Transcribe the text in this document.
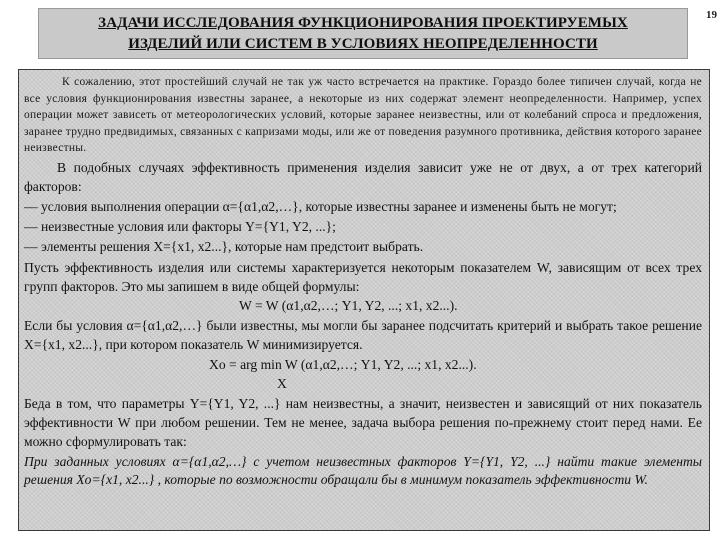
19
ЗАДАЧИ ИССЛЕДОВАНИЯ ФУНКЦИОНИРОВАНИЯ ПРОЕКТИРУЕМЫХ
ИЗДЕЛИЙ ИЛИ СИСТЕМ В УСЛОВИЯХ НЕОПРЕДЕЛЕННОСТИ

К сожалению, этот простейший случай не так уж часто встречается на практике. Гораздо более типичен случай, когда не все условия функционирования известны заранее, а некоторые из них содержат элемент неопределенности. Например, успех операции может зависеть от метеорологических условий, которые заранее неизвестны, или от колебаний спроса и предложения, заранее трудно предвидимых, связанных с капризами моды, или же от поведения разумного противника, действия которого заранее неизвестны.

В подобных случаях эффективность применения изделия зависит уже не от двух, а от трех категорий факторов:

— условия выполнения операции α={α1,α2,…}, которые известны заранее и изменены быть не могут;

— неизвестные условия или факторы Y={Y1, Y2, ...};

— элементы решения X={x1, x2...}, которые нам предстоит выбрать.

Пусть эффективность изделия или системы характеризуется некоторым показателем W, зависящим от всех трех групп факторов. Это мы запишем в виде общей формулы:

W = W (α1,α2,…; Y1, Y2, ...; x1, x2...).

Если бы условия α={α1,α2,…} были известны, мы могли бы заранее подсчитать критерий и выбрать такое решение X={x1, x2...}, при котором показатель W минимизируется.

Xo = arg min W (α1,α2,…; Y1, Y2, ...; x1, x2...).

X

Беда в том, что параметры Y={Y1, Y2, ...} нам неизвестны, а значит, неизвестен и зависящий от них показатель эффективности W при любом решении. Тем не менее, задача выбора решения по-прежнему стоит перед нами. Ее можно сформулировать так:

При заданных условиях α={α1,α2,…} с учетом неизвестных факторов Y={Y1, Y2, ...} найти такие элементы решения Xo={x1, x2...} , которые по возможности обращали бы в минимум показатель эффективности W.
